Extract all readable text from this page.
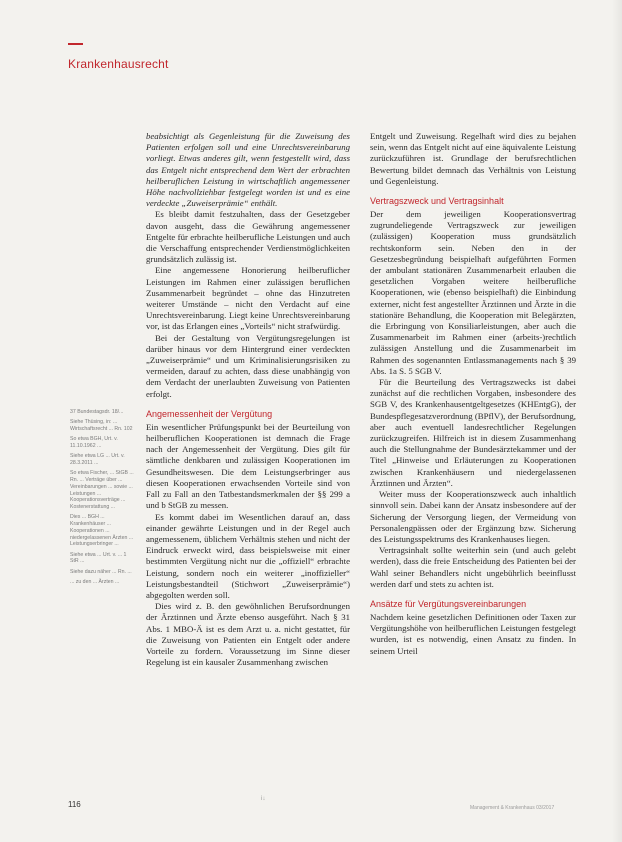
Krankenhausrecht

37 Bundestagsdr. 18/...

Siehe Thüsing, in: ... Wirtschaftsrecht ... Rn. 102

So etwa BGH, Urt. v. 11.10.1962 ...

Siehe etwa LG ... Urt. v. 28.3.2011 ...

So etwa Fischer, ... StGB ... Rn. ... Verträge über ... Vereinbarungen ... sowie ... Leistungen ... Kooperationsverträge ... Kostenerstattung ...

Dies ... BGH ... Krankenhäuser ... Kooperationen ... niedergelassenen Ärzten ... Leistungserbringer ...

Siehe etwa ... Urt. v. ... 1 StR ...

Siehe dazu näher ... Rn. ...

... zu den ... Ärzten ...

beabsichtigt als Gegenleistung für die Zuweisung des Patienten erfolgen soll und eine Unrechtsvereinbarung vorliegt. Etwas anderes gilt, wenn festgestellt wird, dass das Entgelt nicht entsprechend dem Wert der erbrachten heilberuflichen Leistung in wirtschaftlich angemessener Höhe nachvollziehbar festgelegt worden ist und es eine verdeckte „Zuweiserprämie“ enthält.

Es bleibt damit festzuhalten, dass der Gesetzgeber davon ausgeht, dass die Gewährung angemessener Entgelte für erbrachte heilberufliche Leistungen und auch die Verschaffung entsprechender Verdienstmöglichkeiten grundsätzlich zulässig ist.

Eine angemessene Honorierung heilberuflicher Leistungen im Rahmen einer zulässigen beruflichen Zusammenarbeit begründet – ohne das Hinzutreten weiterer Umstände – nicht den Verdacht auf eine Unrechtsvereinbarung. Liegt keine Unrechtsvereinbarung vor, ist das Erlangen eines „Vorteils“ nicht strafwürdig.

Bei der Gestaltung von Vergütungsregelungen ist darüber hinaus vor dem Hintergrund einer verdeckten „Zuweiserprämie“ und um Kriminalisierungsrisiken zu vermeiden, darauf zu achten, dass diese unabhängig von dem Verdacht der unerlaubten Zuweisung von Patienten erfolgt.

Angemessenheit der Vergütung

Ein wesentlicher Prüfungspunkt bei der Beurteilung von heilberuflichen Kooperationen ist demnach die Frage nach der Angemessenheit der Vergütung. Dies gilt für sämtliche denkbaren und zulässigen Kooperationen im Gesundheitswesen. Die dem Leistungserbringer aus diesen Kooperationen erwachsenden Vorteile sind von Fall zu Fall an den Tatbestandsmerkmalen der §§ 299 a und b StGB zu messen.

Es kommt dabei im Wesentlichen darauf an, dass einander gewährte Leistungen und in der Regel auch angemessenem, üblichem Verhältnis stehen und nicht der Eindruck erweckt wird, dass beispielsweise mit einer bestimmten Vergütung nicht nur die „offiziell“ erbrachte Leistung, sondern noch ein weiterer „inoffizieller“ Leistungsbestandteil (Stichwort „Zuweiserprämie“) abgegolten werden soll.

Dies wird z. B. den gewöhnlichen Berufsordnungen der Ärztinnen und Ärzte ebenso ausgeführt. Nach § 31 Abs. 1 MBO-Ä ist es dem Arzt u. a. nicht gestattet, für die Zuweisung von Patienten ein Entgelt oder andere Vorteile zu fordern. Voraussetzung im Sinne dieser Regelung ist ein kausaler Zusammenhang zwischen

Entgelt und Zuweisung. Regelhaft wird dies zu bejahen sein, wenn das Entgelt nicht auf eine äquivalente Leistung zurückzuführen ist. Grundlage der berufsrechtlichen Bewertung bildet demnach das Verhältnis von Leistung und Gegenleistung.

Vertragszweck und Vertragsinhalt

Der dem jeweiligen Kooperationsvertrag zugrundeliegende Vertragszweck zur jeweiligen (zulässigen) Kooperation muss grundsätzlich rechtskonform sein. Neben den in der Gesetzesbegründung beispielhaft aufgeführten Formen der ambulant stationären Zusammenarbeit erlauben die gesetzlichen Vorgaben weitere heilberufliche Kooperationen, wie (ebenso beispielhaft) die Einbindung externer, nicht fest angestellter Ärztinnen und Ärzte in die stationäre Behandlung, die Kooperation mit Belegärzten, die Erbringung von Konsiliarleistungen, aber auch die Zusammenarbeit im Rahmen einer (arbeits-)rechtlich zulässigen Anstellung und die Zusammenarbeit im Rahmen des sogenannten Entlassmanagements nach § 39 Abs. 1a S. 5 SGB V.

Für die Beurteilung des Vertragszwecks ist dabei zunächst auf die rechtlichen Vorgaben, insbesondere des SGB V, des Krankenhausentgeltgesetzes (KHEntgG), der Bundespflegesatzverordnung (BPflV), der Berufsordnung, aber auch eventuell landesrechtlicher Regelungen zurückzugreifen. Hilfreich ist in diesem Zusammenhang auch die Stellungnahme der Bundesärztekammer und der Titel „Hinweise und Erläuterungen zu Kooperationen zwischen Krankenhäusern und niedergelassenen Ärztinnen und Ärzten“.

Weiter muss der Kooperationszweck auch inhaltlich sinnvoll sein. Dabei kann der Ansatz insbesondere auf der Sicherung der Versorgung liegen, der Vermeidung von Personalengpässen oder der Ergänzung bzw. Sicherung des Leistungsspektrums des Krankenhauses liegen.

Vertragsinhalt sollte weiterhin sein (und auch gelebt werden), dass die freie Entscheidung des Patienten bei der Wahl seiner Behandlers nicht ungebührlich beeinflusst werden darf und stets zu achten ist.

Ansätze für Vergütungsvereinbarungen

Nachdem keine gesetzlichen Definitionen oder Taxen zur Vergütungshöhe von heilberuflichen Leistungen festgelegt wurden, ist es notwendig, einen Ansatz zu finden. In seinem Urteil

116
i↓
Management & Krankenhaus 03/2017
